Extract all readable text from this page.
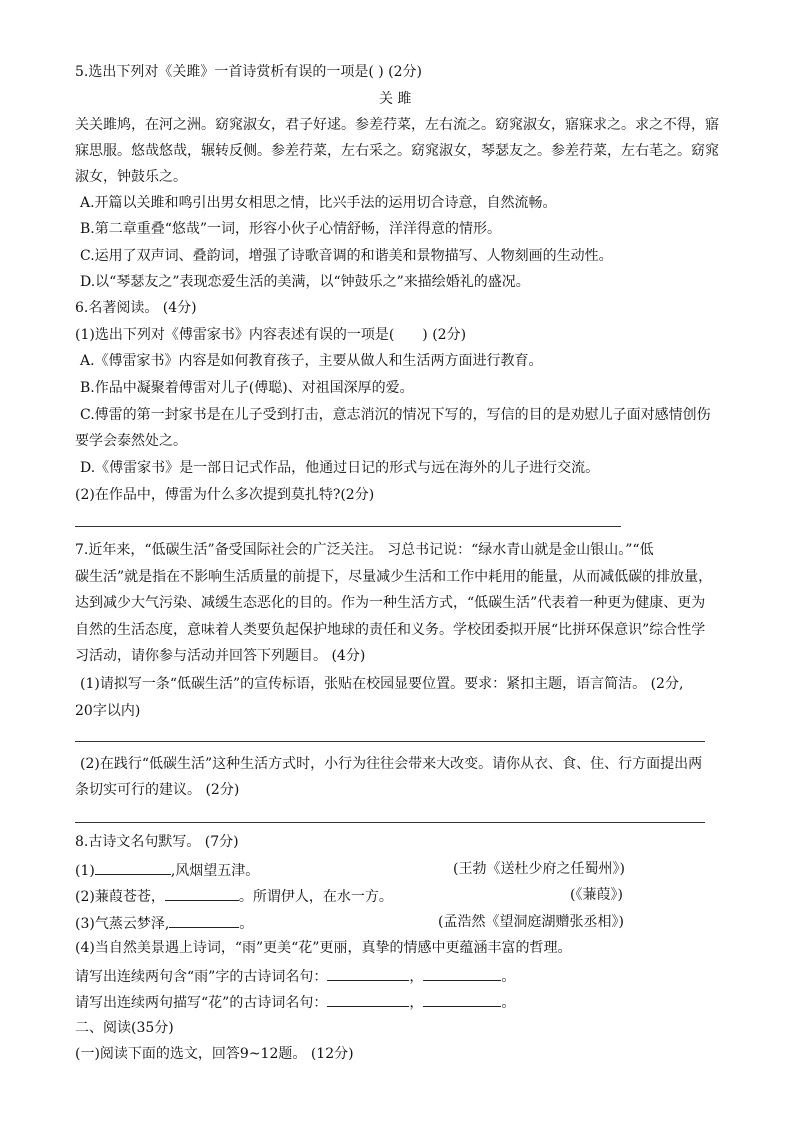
5.选出下列对《关雎》一首诗赏析有误的一项是( ) (2分)
关 雎
关关雎鸠，在河之洲。窈窕淑女，君子好逑。参差荇菜，左右流之。窈窕淑女，寤寐求之。求之不得，寤
寐思服。悠哉悠哉，辗转反侧。参差荇菜，左右采之。窈窕淑女，琴瑟友之。参差荇菜，左右芼之。窈窕
淑女，钟鼓乐之。
A.开篇以关雎和鸣引出男女相思之情，比兴手法的运用切合诗意，自然流畅。
B.第二章重叠“悠哉”一词，形容小伙子心情舒畅，洋洋得意的情形。
C.运用了双声词、叠韵词，增强了诗歌音调的和谐美和景物描写、人物刻画的生动性。
D.以“琴瑟友之”表现恋爱生活的美满，以“钟鼓乐之”来描绘婚礼的盛况。
6.名著阅读。 (4分)
(1)选出下列对《傅雷家书》内容表述有误的一项是(　　) (2分)
A.《傅雷家书》内容是如何教育孩子，主要从做人和生活两方面进行教育。
B.作品中凝聚着傅雷对儿子(傅聪)、对祖国深厚的爱。
C.傅雷的第一封家书是在儿子受到打击，意志消沉的情况下写的，写信的目的是劝慰儿子面对感情创伤
要学会泰然处之。
D.《傅雷家书》是一部日记式作品，他通过日记的形式与远在海外的儿子进行交流。
(2)在作品中，傅雷为什么多次提到莫扎特?(2分)
7.近年来，“低碳生活”备受国际社会的广泛关注。 习总书记说：“绿水青山就是金山银山。”“低
碳生活”就是指在不影响生活质量的前提下，尽量减少生活和工作中耗用的能量，从而减低碳的排放量，
达到减少大气污染、减缓生态恶化的目的。作为一种生活方式，“低碳生活”代表着一种更为健康、更为
自然的生活态度，意味着人类要负起保护地球的责任和义务。学校团委拟开展“比拼环保意识”综合性学
习活动，请你参与活动并回答下列题目。 (4分)
(1)请拟写一条“低碳生活”的宣传标语，张贴在校园显要位置。要求：紧扣主题，语言简洁。 (2分,
20字以内)
(2)在践行“低碳生活”这种生活方式时，小行为往往会带来大改变。请你从衣、食、住、行方面提出两
条切实可行的建议。 (2分)
8.古诗文名句默写。 (7分)
(1)	,风烟望五津。	(王勃《送杜少府之任蜀州》)
(2)蒹葭苍苍，	。所谓伊人，在水一方。	(《蒹葭》)
(3)气蒸云梦泽,	。	(孟浩然《望洞庭湖赠张丞相》)
(4)当自然美景遇上诗词，“雨”更美“花”更丽，真挚的情感中更蕴涵丰富的哲理。
请写出连续两句含“雨”字的古诗词名句：	，	。
请写出连续两句描写“花”的古诗词名句：	，	。
二、阅读(35分)
(一)阅读下面的选文，回答9~12题。 (12分)
